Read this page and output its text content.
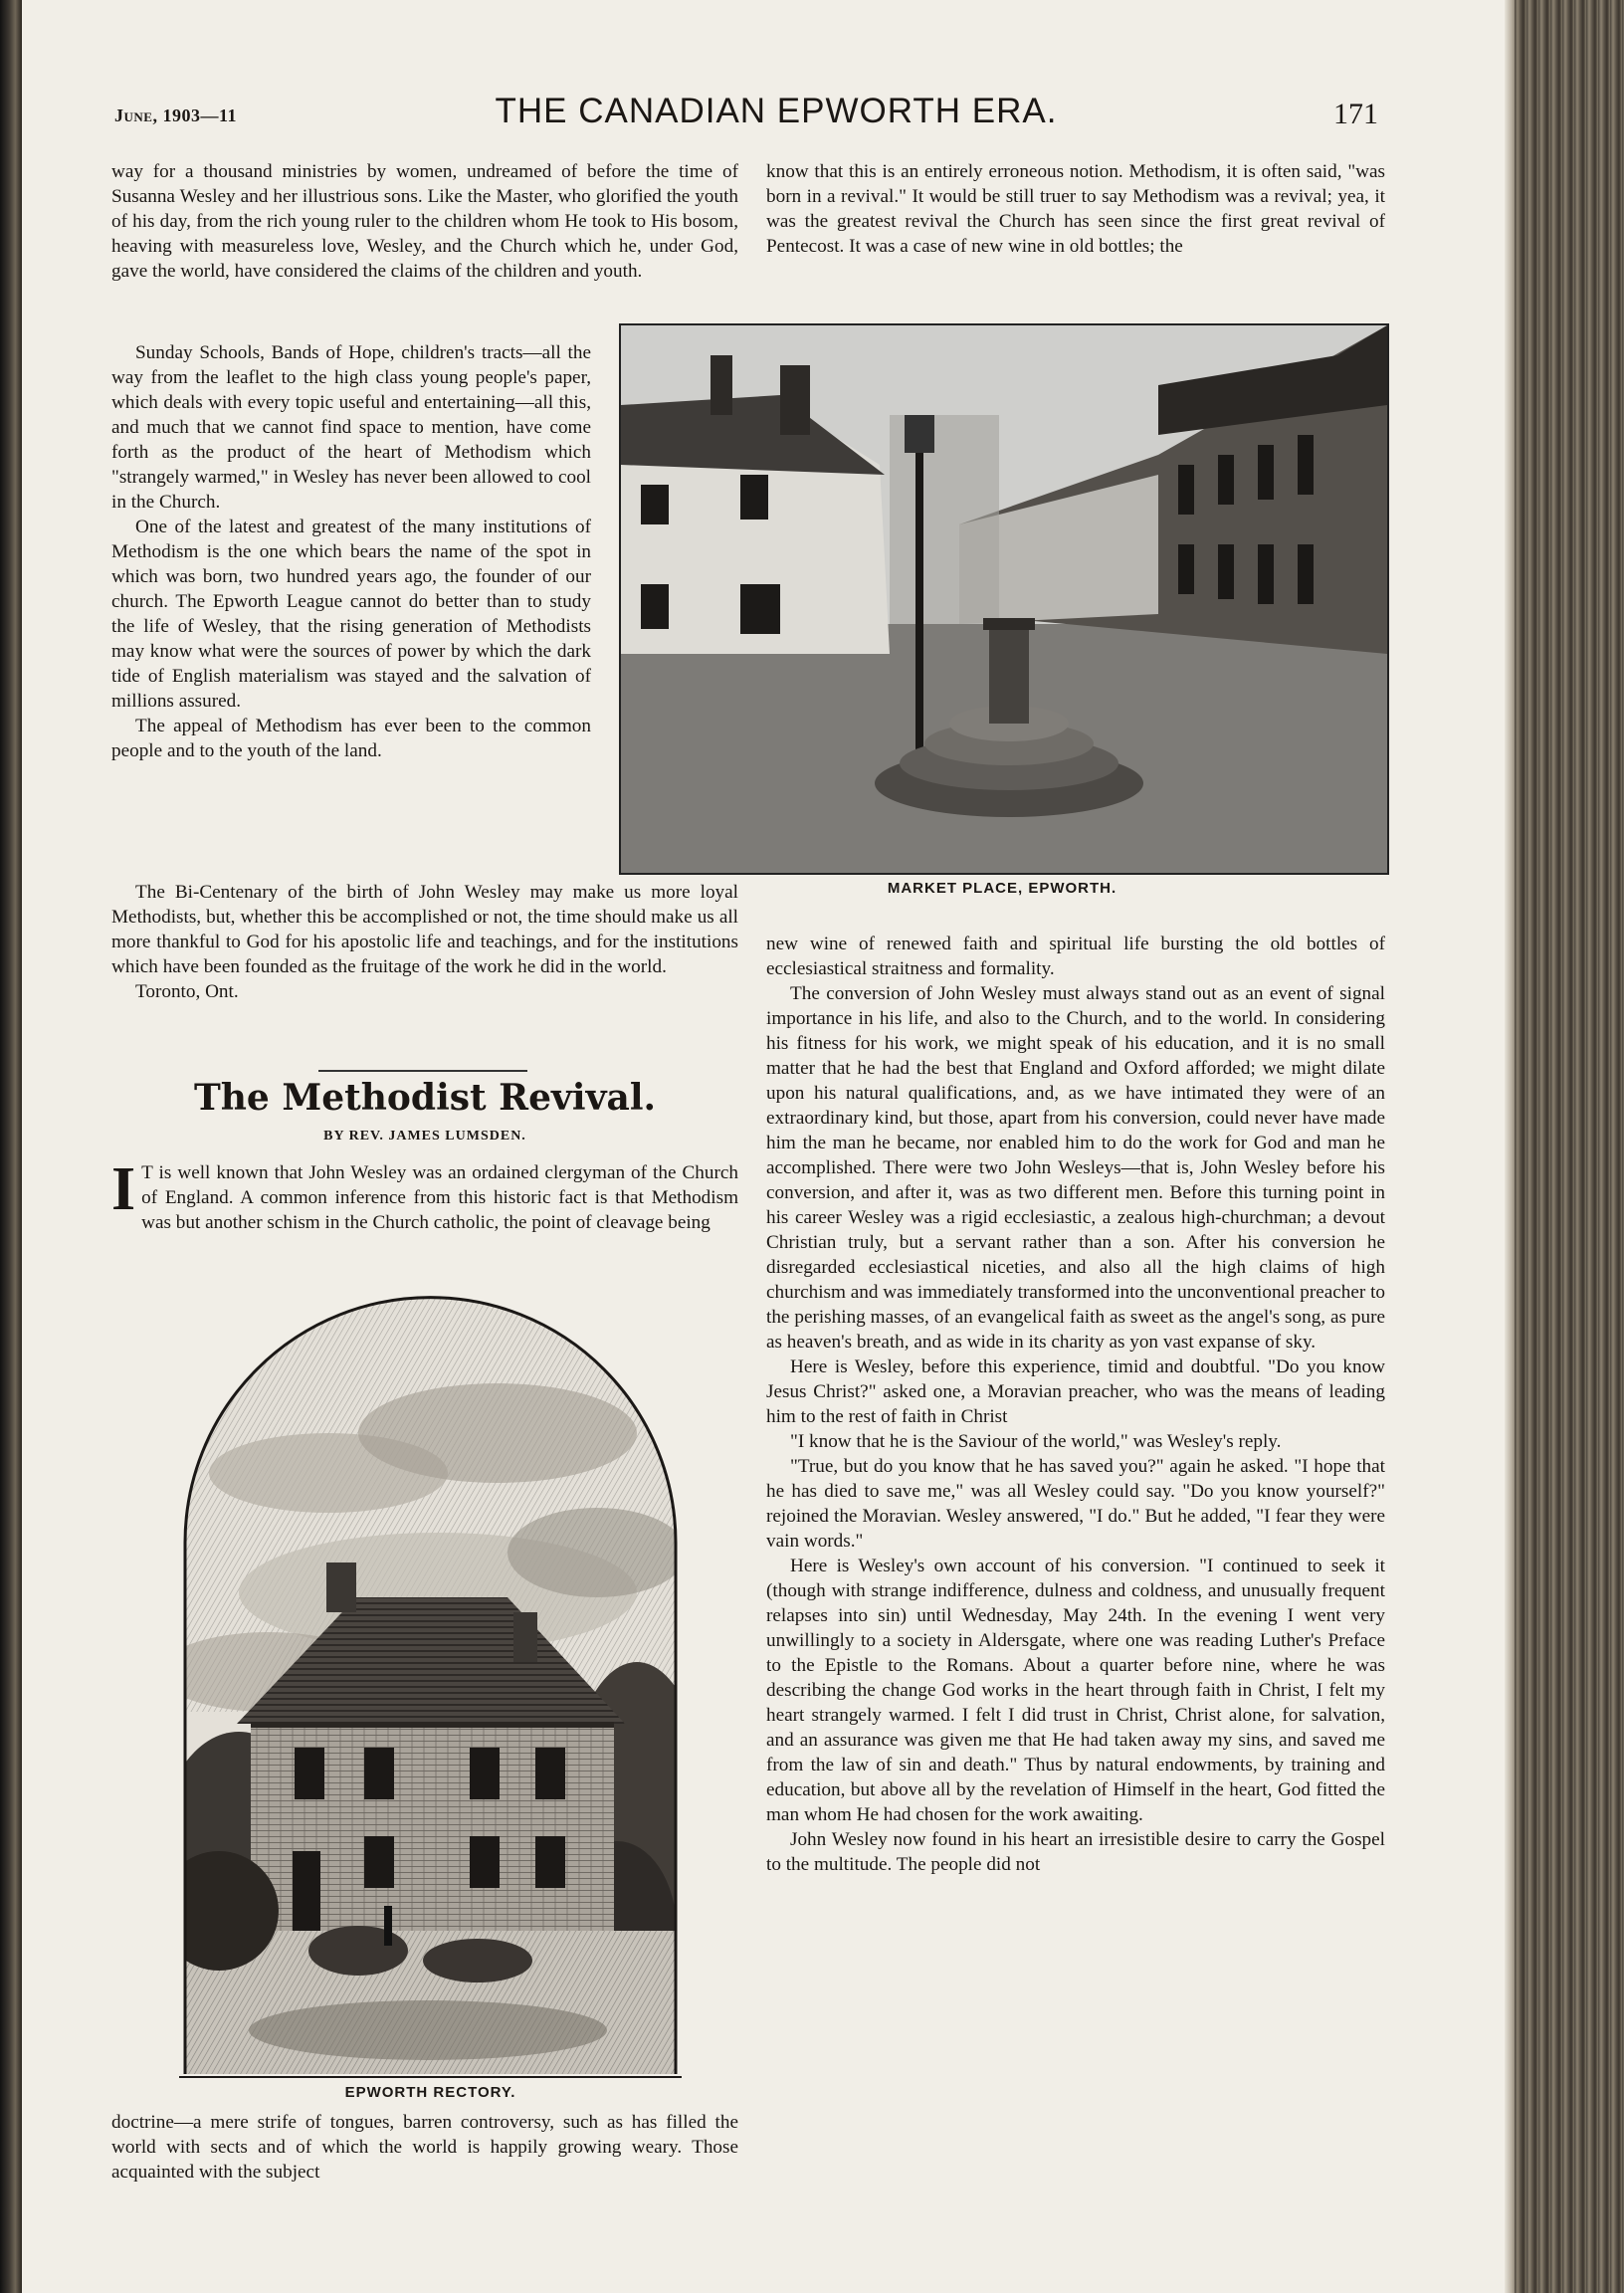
June, 1903—11	THE CANADIAN EPWORTH ERA.	171

way for a thousand ministries by women, undreamed of before the time of Susanna Wesley and her illustrious sons. Like the Master, who glorified the youth of his day, from the rich young ruler to the children whom He took to His bosom, heaving with measureless love, Wesley, and the Church which he, under God, gave the world, have considered the claims of the children and youth.

Sunday Schools, Bands of Hope, children's tracts—all the way from the leaflet to the high class young people's paper, which deals with every topic useful and entertaining—all this, and much that we cannot find space to mention, have come forth as the product of the heart of Methodism which "strangely warmed," in Wesley has never been allowed to cool in the Church.

One of the latest and greatest of the many institutions of Methodism is the one which bears the name of the spot in which was born, two hundred years ago, the founder of our church. The Epworth League cannot do better than to study the life of Wesley, that the rising generation of Methodists may know what were the sources of power by which the dark tide of English materialism was stayed and the salvation of millions assured.

The appeal of Methodism has ever been to the common people and to the youth of the land.

The Bi-Centenary of the birth of John Wesley may make us more loyal Methodists, but, whether this be accomplished or not, the time should make us all more thankful to God for his apostolic life and teachings, and for the institutions which have been founded as the fruitage of the work he did in the world.

Toronto, Ont.

The Methodist Revival.
BY REV. JAMES LUMSDEN.

I T is well known that John Wesley was an ordained clergyman of the Church of England. A common inference from this historic fact is that Methodism was but another schism in the Church catholic, the point of cleavage being

EPWORTH RECTORY.

doctrine—a mere strife of tongues, barren controversy, such as has filled the world with sects and of which the world is happily growing weary. Those acquainted with the subject

know that this is an entirely erroneous notion. Methodism, it is often said, "was born in a revival." It would be still truer to say Methodism was a revival; yea, it was the greatest revival the Church has seen since the first great revival of Pentecost. It was a case of new wine in old bottles; the

MARKET PLACE, EPWORTH.

new wine of renewed faith and spiritual life bursting the old bottles of ecclesiastical straitness and formality.

The conversion of John Wesley must always stand out as an event of signal importance in his life, and also to the Church, and to the world. In considering his fitness for his work, we might speak of his education, and it is no small matter that he had the best that England and Oxford afforded; we might dilate upon his natural qualifications, and, as we have intimated they were of an extraordinary kind, but those, apart from his conversion, could never have made him the man he became, nor enabled him to do the work for God and man he accomplished. There were two John Wesleys—that is, John Wesley before his conversion, and after it, was as two different men. Before this turning point in his career Wesley was a rigid ecclesiastic, a zealous high-churchman; a devout Christian truly, but a servant rather than a son. After his conversion he disregarded ecclesiastical niceties, and also all the high claims of high churchism and was immediately transformed into the unconventional preacher to the perishing masses, of an evangelical faith as sweet as the angel's song, as pure as heaven's breath, and as wide in its charity as yon vast expanse of sky.

Here is Wesley, before this experience, timid and doubtful. "Do you know Jesus Christ?" asked one, a Moravian preacher, who was the means of leading him to the rest of faith in Christ

"I know that he is the Saviour of the world," was Wesley's reply.

"True, but do you know that he has saved you?" again he asked. "I hope that he has died to save me," was all Wesley could say. "Do you know yourself?" rejoined the Moravian. Wesley answered, "I do." But he added, "I fear they were vain words."

Here is Wesley's own account of his conversion. "I continued to seek it (though with strange indifference, dulness and coldness, and unusually frequent relapses into sin) until Wednesday, May 24th. In the evening I went very unwillingly to a society in Aldersgate, where one was reading Luther's Preface to the Epistle to the Romans. About a quarter before nine, where he was describing the change God works in the heart through faith in Christ, I felt my heart strangely warmed. I felt I did trust in Christ, Christ alone, for salvation, and an assurance was given me that He had taken away my sins, and saved me from the law of sin and death." Thus by natural endowments, by training and education, but above all by the revelation of Himself in the heart, God fitted the man whom He had chosen for the work awaiting.

John Wesley now found in his heart an irresistible desire to carry the Gospel to the multitude. The people did not
